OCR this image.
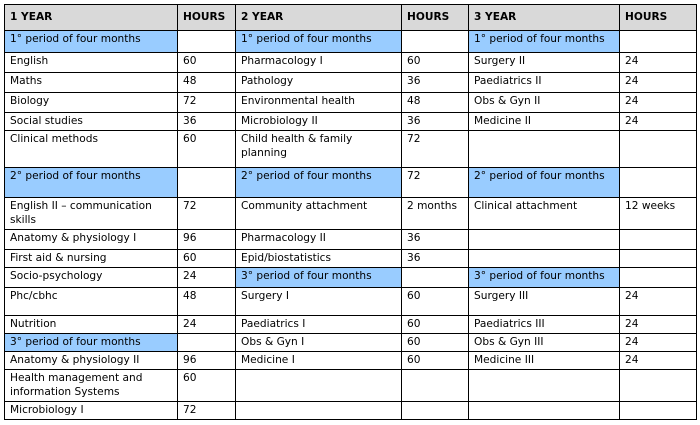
1 YEAR	HOURS	2 YEAR	HOURS	3 YEAR	HOURS
1° period of four months		1° period of four months		1° period of four months	
English	60	Pharmacology I	60	Surgery II	24
Maths	48	Pathology	36	Paediatrics II	24
Biology	72	Environmental health	48	Obs & Gyn II	24
Social studies	36	Microbiology II	36	Medicine II	24
Clinical methods	60	Child health & family planning	72		
2° period of four months		2° period of four months	72	2° period of four months	
English II – communication skills	72	Community attachment	2 months	Clinical attachment	12 weeks
Anatomy & physiology I	96	Pharmacology II	36		
First aid & nursing	60	Epid/biostatistics	36		
Socio-psychology	24	3° period of four months		3° period of four months	
Phc/cbhc	48	Surgery I	60	Surgery III	24
Nutrition	24	Paediatrics I	60	Paediatrics III	24
3° period of four months		Obs & Gyn I	60	Obs & Gyn III	24
Anatomy & physiology II	96	Medicine I	60	Medicine III	24
Health management and information Systems	60				
Microbiology I	72				
